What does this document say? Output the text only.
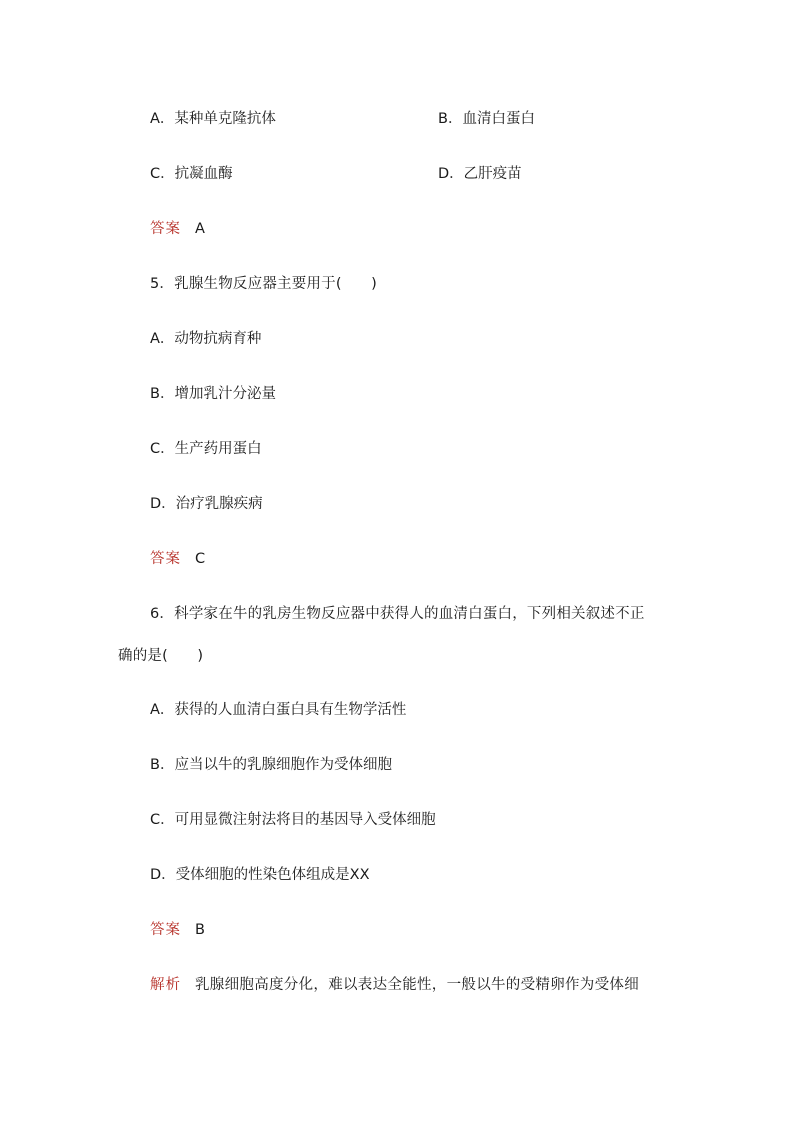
A．某种单克隆抗体	B．血清白蛋白
C．抗凝血酶	D．乙肝疫苗
答案 A
5．乳腺生物反应器主要用于(　　)
A．动物抗病育种
B．增加乳汁分泌量
C．生产药用蛋白
D．治疗乳腺疾病
答案 C
6．科学家在牛的乳房生物反应器中获得人的血清白蛋白，下列相关叙述不正
确的是(　　)
A．获得的人血清白蛋白具有生物学活性
B．应当以牛的乳腺细胞作为受体细胞
C．可用显微注射法将目的基因导入受体细胞
D．受体细胞的性染色体组成是XX
答案 B
解析 乳腺细胞高度分化，难以表达全能性，一般以牛的受精卵作为受体细
